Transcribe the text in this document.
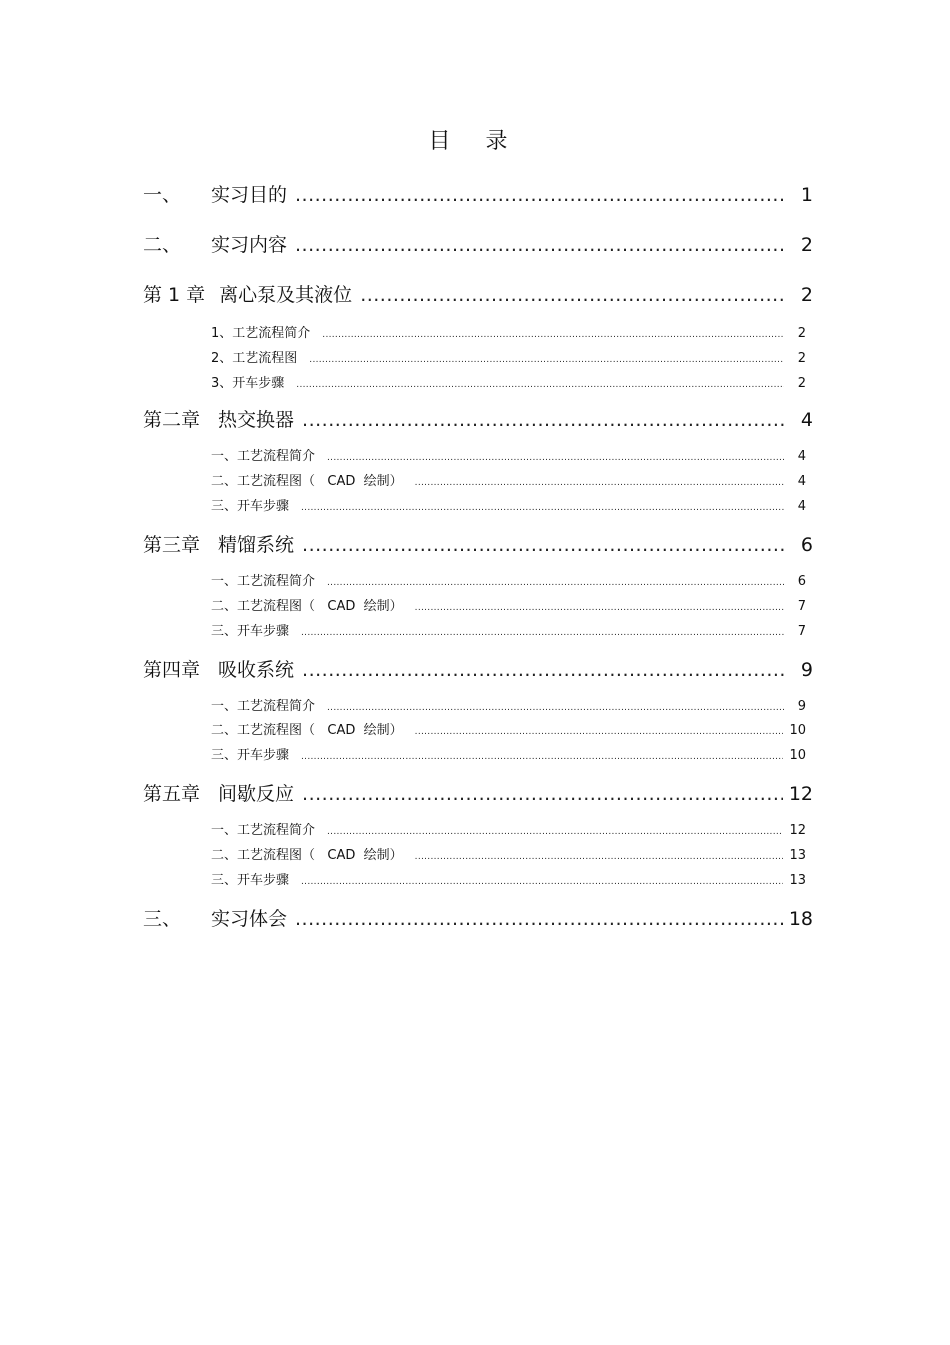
目 录
一、	实习目的 .....	1
二、	实习内容 .....	2
第 1 章 离心泵及其液位 .....	2
1、工艺流程简介 .....	2
2、工艺流程图 .....	2
3、开车步骤 .....	2
第二章 热交换器 .....	4
一、工艺流程简介 .....	4
二、工艺流程图（   CAD  绘制） .....	4
三、开车步骤 .....	4
第三章 精馏系统 .....	6
一、工艺流程简介 .....	6
二、工艺流程图（   CAD  绘制） .....	7
三、开车步骤 .....	7
第四章 吸收系统 .....	9
一、工艺流程简介 .....	9
二、工艺流程图（   CAD  绘制） .....	10
三、开车步骤 .....	10
第五章 间歇反应 .....	12
一、工艺流程简介 .....	12
二、工艺流程图（   CAD  绘制） .....	13
三、开车步骤 .....	13
三、	实习体会 .....	18
